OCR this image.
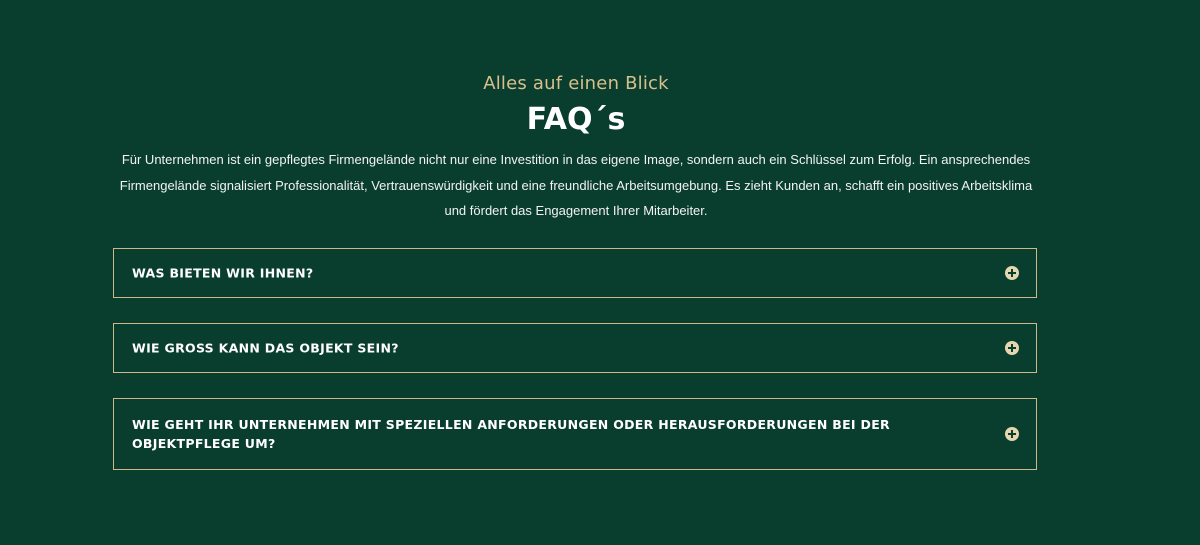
Alles auf einen Blick
FAQ´s
Für Unternehmen ist ein gepflegtes Firmengelände nicht nur eine Investition in das eigene Image, sondern auch ein Schlüssel zum Erfolg. Ein ansprechendes Firmengelände signalisiert Professionalität, Vertrauenswürdigkeit und eine freundliche Arbeitsumgebung. Es zieht Kunden an, schafft ein positives Arbeitsklima und fördert das Engagement Ihrer Mitarbeiter.
WAS BIETEN WIR IHNEN?
WIE GROSS KANN DAS OBJEKT SEIN?
WIE GEHT IHR UNTERNEHMEN MIT SPEZIELLEN ANFORDERUNGEN ODER HERAUSFORDERUNGEN BEI DER OBJEKTPFLEGE UM?
